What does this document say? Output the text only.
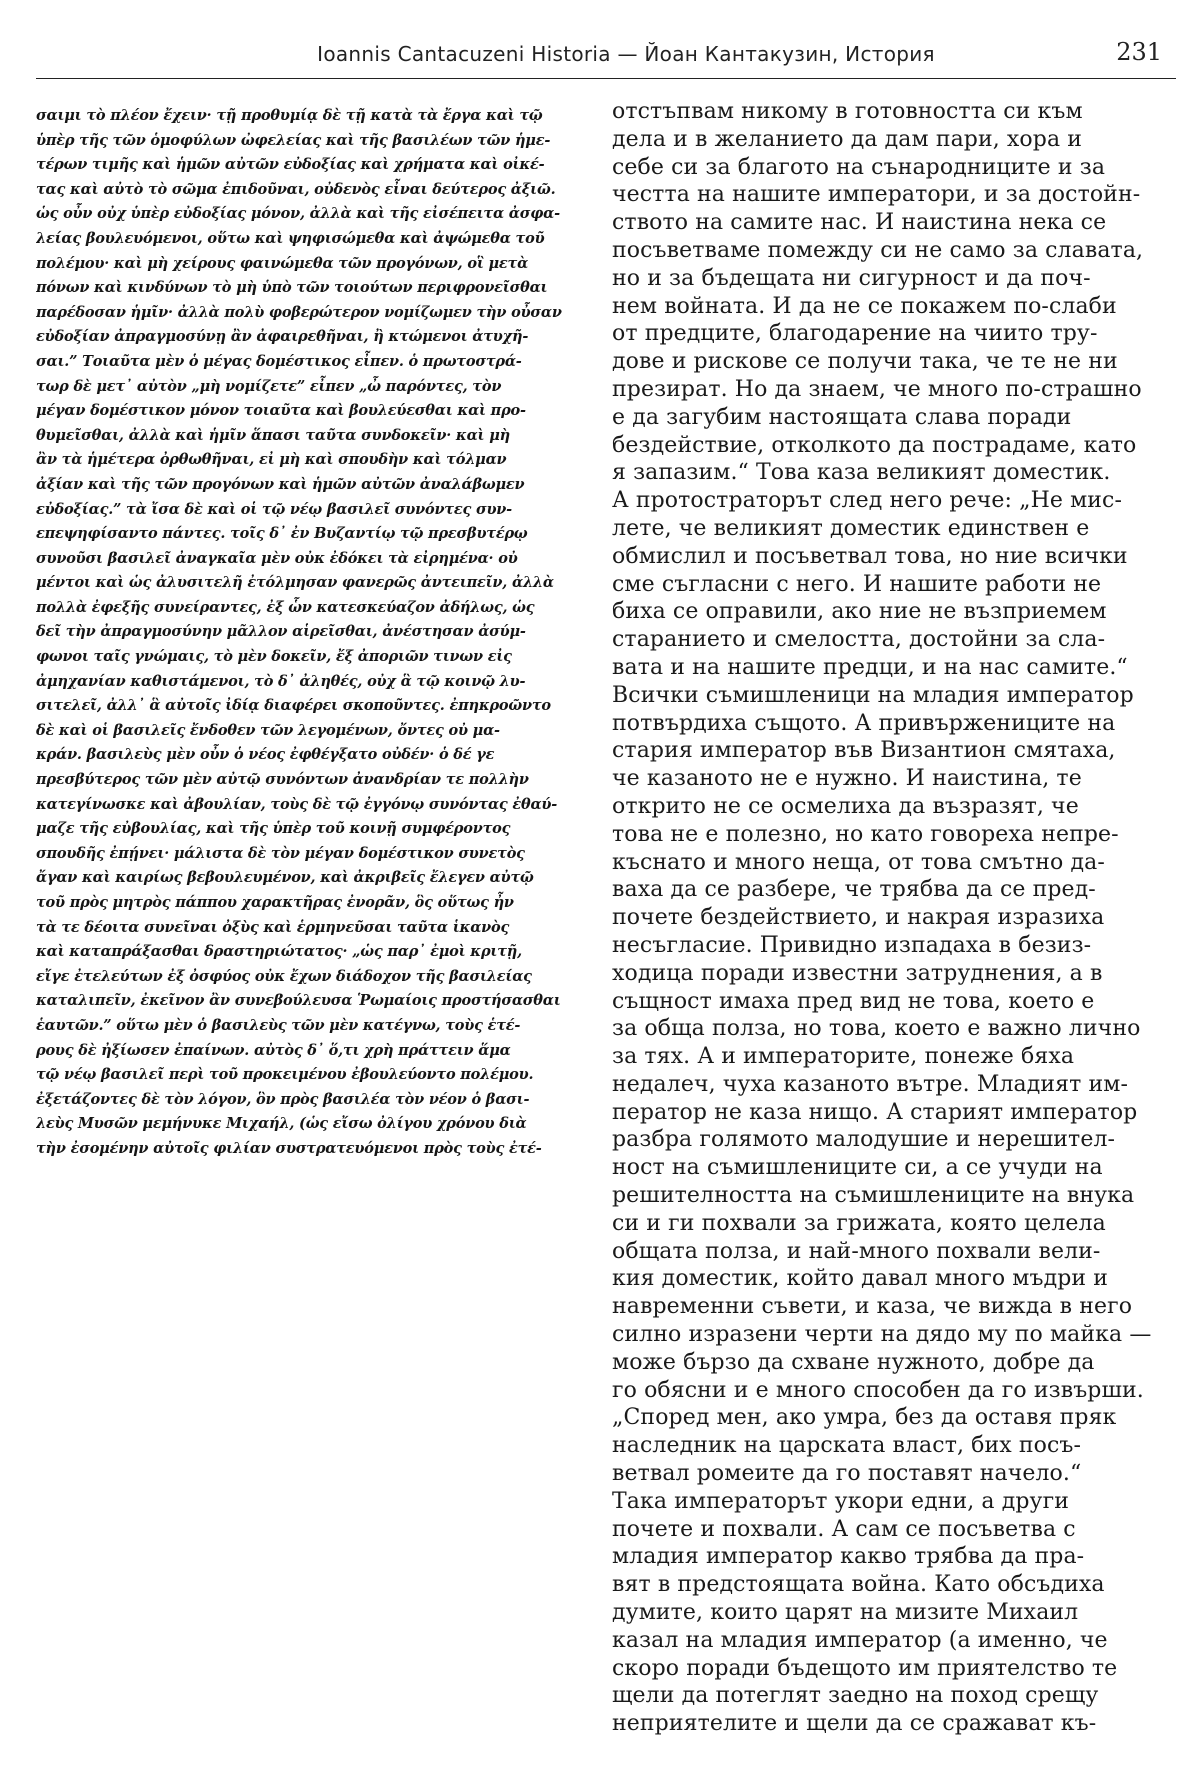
Ioannis Cantacuzeni Historia — Йоан Кантакузин, История	231
σαιμι τὸ πλέον ἔχειν· τῇ προθυμίᾳ δὲ τῇ κατὰ τὰ ἔργα καὶ τῷ
ὑπὲρ τῆς τῶν ὁμοφύλων ὠφελείας καὶ τῆς βασιλέων τῶν ἡμε-
τέρων τιμῆς καὶ ἡμῶν αὐτῶν εὐδοξίας καὶ χρήματα καὶ οἰκέ-
τας καὶ αὐτὸ τὸ σῶμα ἐπιδοῦναι, οὐδενὸς εἶναι δεύτερος ἀξιῶ.
ὡς οὖν οὐχ ὑπὲρ εὐδοξίας μόνον, ἀλλὰ καὶ τῆς εἰσέπειτα ἀσφα-
λείας βουλευόμενοι, οὕτω καὶ ψηφισώμεθα καὶ ἀψώμεθα τοῦ
πολέμου· καὶ μὴ χείρους φαινώμεθα τῶν προγόνων, οἳ μετὰ
πόνων καὶ κινδύνων τὸ μὴ ὑπὸ τῶν τοιούτων περιφρονεῖσθαι
παρέδοσαν ἡμῖν· ἀλλὰ πολὺ φοβερώτερον νομίζωμεν τὴν οὖσαν
εὐδοξίαν ἀπραγμοσύνῃ ἂν ἀφαιρεθῆναι, ἢ κτώμενοι ἀτυχῆ-
σαι.” Τοιαῦτα μὲν ὁ μέγας δομέστικος εἶπεν. ὁ πρωτοστρά-
τωρ δὲ μετ᾿ αὐτὸν „μὴ νομίζετε” εἶπεν „ὦ παρόντες, τὸν
μέγαν δομέστικον μόνον τοιαῦτα καὶ βουλεύεσθαι καὶ προ-
θυμεῖσθαι, ἀλλὰ καὶ ἡμῖν ἅπασι ταῦτα συνδοκεῖν· καὶ μὴ
ἂν τὰ ἡμέτερα ὀρθωθῆναι, εἰ μὴ καὶ σπουδὴν καὶ τόλμαν
ἀξίαν καὶ τῆς τῶν προγόνων καὶ ἡμῶν αὐτῶν ἀναλάβωμεν
εὐδοξίας.” τὰ ἴσα δὲ καὶ οἱ τῷ νέῳ βασιλεῖ συνόντες συν-
επεψηφίσαντο πάντες. τοῖς δ᾿ ἐν Βυζαντίῳ τῷ πρεσβυτέρῳ
συνοῦσι βασιλεῖ ἀναγκαῖα μὲν οὐκ ἐδόκει τὰ εἰρημένα· οὐ
μέντοι καὶ ὡς ἀλυσιτελῆ ἐτόλμησαν φανερῶς ἀντειπεῖν, ἀλλὰ
πολλὰ ἐφεξῆς συνείραντες, ἐξ ὧν κατεσκεύαζον ἀδήλως, ὡς
δεῖ τὴν ἀπραγμοσύνην μᾶλλον αἱρεῖσθαι, ἀνέστησαν ἀσύμ-
φωνοι ταῖς γνώμαις, τὸ μὲν δοκεῖν, ἔξ ἀποριῶν τινων εἰς
ἀμηχανίαν καθιστάμενοι, τὸ δ᾿ ἀληθές, οὐχ ἃ τῷ κοινῷ λυ-
σιτελεῖ, ἀλλ᾿ ἃ αὐτοῖς ἰδίᾳ διαφέρει σκοποῦντες. ἐπηκροῶντο
δὲ καὶ οἱ βασιλεῖς ἔνδοθεν τῶν λεγομένων, ὄντες οὐ μα-
κράν. βασιλεὺς μὲν οὖν ὁ νέος ἐφθέγξατο οὐδέν· ὁ δέ γε
πρεσβύτερος τῶν μὲν αὐτῷ συνόντων ἀνανδρίαν τε πολλὴν
κατεγίνωσκε καὶ ἀβουλίαν, τοὺς δὲ τῷ ἐγγόνῳ συνόντας ἐθαύ-
μαζε τῆς εὐβουλίας, καὶ τῆς ὑπὲρ τοῦ κοινῇ συμφέροντος
σπουδῆς ἐπῄνει· μάλιστα δὲ τὸν μέγαν δομέστικον συνετὸς
ἄγαν καὶ καιρίως βεβουλευμένον, καὶ ἀκριβεῖς ἔλεγεν αὐτῷ
τοῦ πρὸς μητρὸς πάππου χαρακτῆρας ἐνορᾶν, ὃς οὕτως ἦν
τὰ τε δέοιτα συνεῖναι ὀξὺς καὶ ἑρμηνεῦσαι ταῦτα ἱκανὸς
καὶ καταπράξασθαι δραστηριώτατος· „ὡς παρ᾿ ἐμοὶ κριτῇ,
εἴγε ἐτελεύτων ἐξ ὀσφύος οὐκ ἔχων διάδοχον τῆς βασιλείας
καταλιπεῖν, ἐκεῖνον ἂν συνεβούλευσα Ῥωμαίοις προστήσασθαι
ἑαυτῶν.” οὕτω μὲν ὁ βασιλεὺς τῶν μὲν κατέγνω, τοὺς ἑτέ-
ρους δὲ ἠξίωσεν ἐπαίνων. αὐτὸς δ᾿ ὅ,τι χρὴ πράττειν ἅμα
τῷ νέῳ βασιλεῖ περὶ τοῦ προκειμένου ἐβουλεύοντο πολέμου.
ἐξετάζοντες δὲ τὸν λόγον, ὃν πρὸς βασιλέα τὸν νέον ὁ βασι-
λεὺς Μυσῶν μεμήνυκε Μιχαήλ, (ὡς εἴσω ὀλίγου χρόνου διὰ
τὴν ἐσομένην αὐτοῖς φιλίαν συστρατευόμενοι πρὸς τοὺς ἐτέ-
отстъпвам никому в готовността си към
дела и в желанието да дам пари, хора и
себе си за благото на сънародниците и за
честта на нашите императори, и за достойн-
ството на самите нас. И наистина нека се
посъветваме помежду си не само за славата,
но и за бъдещата ни сигурност и да поч-
нем войната. И да не се покажем по-слаби
от предците, благодарение на чиито тру-
дове и рискове се получи така, че те не ни
презират. Но да знаем, че много по-страшно
е да загубим настоящата слава поради
бездействие, отколкото да пострадаме, като
я запазим.“ Това каза великият доместик.
А протостраторът след него рече: „Не мис-
лете, че великият доместик единствен е
обмислил и посъветвал това, но ние всички
сме съгласни с него. И нашите работи не
биха се оправили, ако ние не възприемем
старанието и смелостта, достойни за сла-
вата и на нашите предци, и на нас самите.“
Всички съмишленици на младия император
потвърдиха същото. А привържениците на
стария император във Византион смятаха,
че казаното не е нужно. И наистина, те
открито не се осмелиха да възразят, че
това не е полезно, но като говореха непре-
къснато и много неща, от това смътно да-
ваха да се разбере, че трябва да се пред-
почете бездействието, и накрая изразиха
несъгласие. Привидно изпадаха в безиз-
ходица поради известни затруднения, а в
същност имаха пред вид не това, което е
за обща полза, но това, което е важно лично
за тях. А и императорите, понеже бяха
недалеч, чуха казаното вътре. Младият им-
ператор не каза нищо. А старият император
разбра голямото малодушие и нерешител-
ност на съмишлениците си, а се учуди на
решителността на съмишлениците на внука
си и ги похвали за грижата, която целела
общата полза, и най-много похвали вели-
кия доместик, който давал много мъдри и
навременни съвети, и каза, че вижда в него
силно изразени черти на дядо му по майка —
може бързо да схване нужното, добре да
го обясни и е много способен да го извърши.
„Според мен, ако умра, без да оставя пряк
наследник на царската власт, бих посъ-
ветвал ромеите да го поставят начело.“
Така императорът укори едни, а други
почете и похвали. А сам се посъветва с
младия император какво трябва да пра-
вят в предстоящата война. Като обсъдиха
думите, които царят на мизите Михаил
казал на младия император (а именно, че
скоро поради бъдещото им приятелство те
щели да потеглят заедно на поход срещу
неприятелите и щели да се сражават къ-
